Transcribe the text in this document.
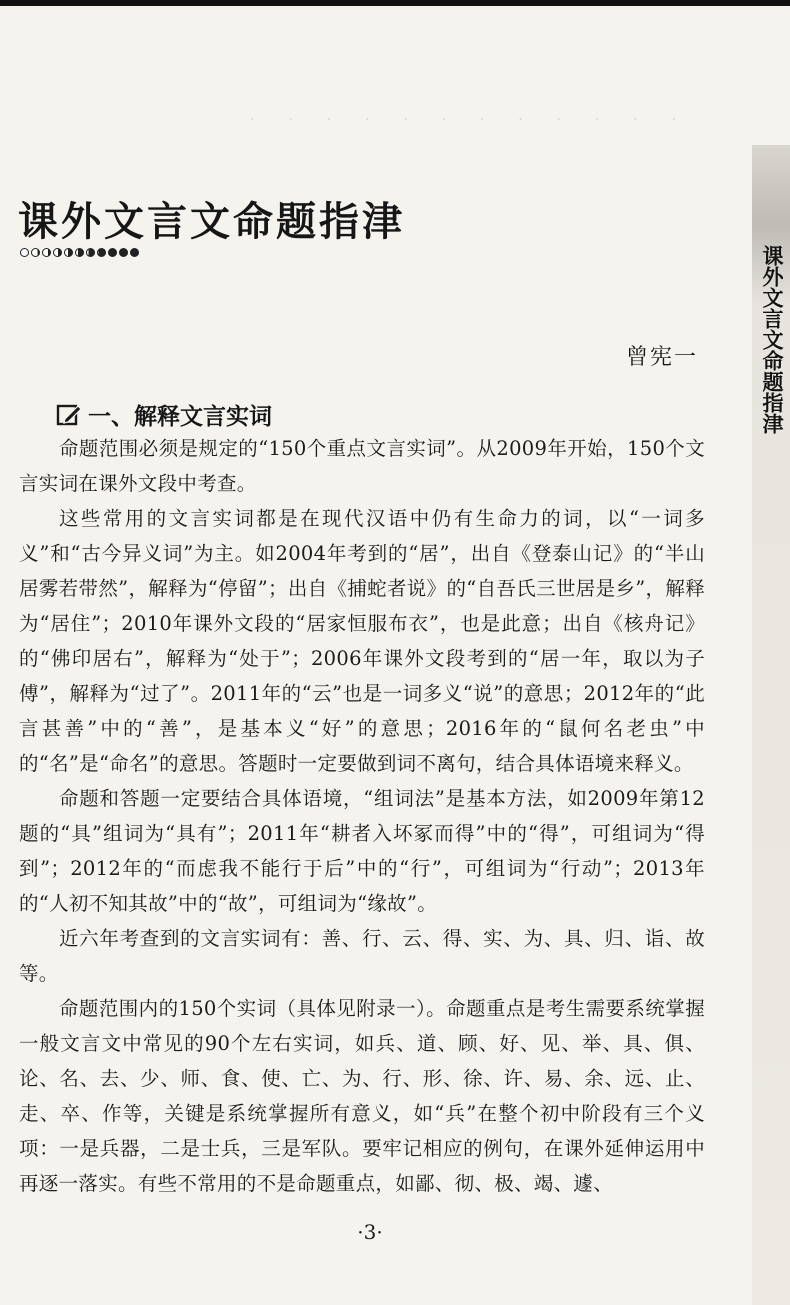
·  ·  ·  ·  ·  ·  ·  ·  ·  ·  ·  ·
课外文言文命题指津
课外文言文命题指津
曾宪一
一、解释文言实词

命题范围必须是规定的“150个重点文言实词”。从2009年开始，150个文言实词在课外文段中考查。

这些常用的文言实词都是在现代汉语中仍有生命力的词，以“一词多义”和“古今异义词”为主。如2004年考到的“居”，出自《登泰山记》的“半山居雾若带然”，解释为“停留”；出自《捕蛇者说》的“自吾氏三世居是乡”，解释为“居住”；2010年课外文段的“居家恒服布衣”，也是此意；出自《核舟记》的“佛印居右”，解释为“处于”；2006年课外文段考到的“居一年，取以为子傅”，解释为“过了”。2011年的“云”也是一词多义“说”的意思；2012年的“此言甚善”中的“善”，是基本义“好”的意思；2016年的“鼠何名老虫”中的“名”是“命名”的意思。答题时一定要做到词不离句，结合具体语境来释义。

命题和答题一定要结合具体语境，“组词法”是基本方法，如2009年第12题的“具”组词为“具有”；2011年“耕者入坏冢而得”中的“得”，可组词为“得到”；2012年的“而虑我不能行于后”中的“行”，可组词为“行动”；2013年的“人初不知其故”中的“故”，可组词为“缘故”。

近六年考查到的文言实词有：善、行、云、得、实、为、具、归、诣、故等。

命题范围内的150个实词（具体见附录一）。命题重点是考生需要系统掌握一般文言文中常见的90个左右实词，如兵、道、顾、好、见、举、具、俱、论、名、去、少、师、食、使、亡、为、行、形、徐、许、易、余、远、止、走、卒、作等，关键是系统掌握所有意义，如“兵”在整个初中阶段有三个义项：一是兵器，二是士兵，三是军队。要牢记相应的例句，在课外延伸运用中再逐一落实。有些不常用的不是命题重点，如鄙、彻、极、竭、遽、

·3·
